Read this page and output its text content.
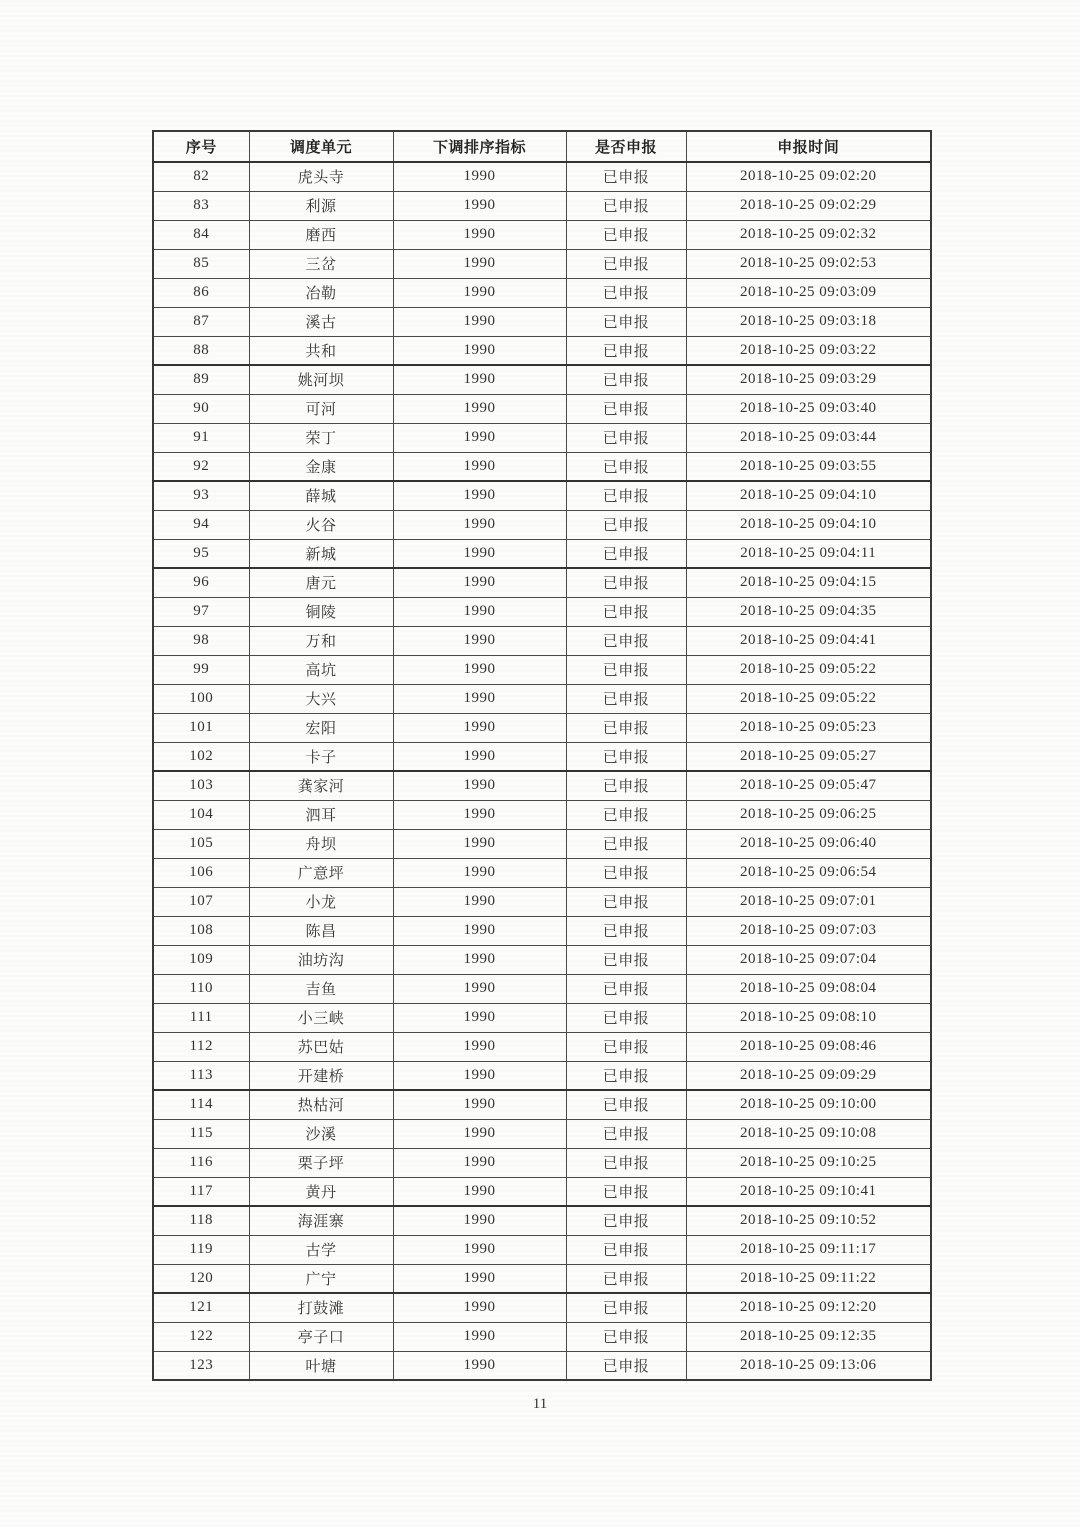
序号	调度单元	下调排序指标	是否申报	申报时间
82	虎头寺	1990	已申报	2018-10-25 09:02:20
83	利源	1990	已申报	2018-10-25 09:02:29
84	磨西	1990	已申报	2018-10-25 09:02:32
85	三岔	1990	已申报	2018-10-25 09:02:53
86	冶勒	1990	已申报	2018-10-25 09:03:09
87	溪古	1990	已申报	2018-10-25 09:03:18
88	共和	1990	已申报	2018-10-25 09:03:22
89	姚河坝	1990	已申报	2018-10-25 09:03:29
90	可河	1990	已申报	2018-10-25 09:03:40
91	荣丁	1990	已申报	2018-10-25 09:03:44
92	金康	1990	已申报	2018-10-25 09:03:55
93	薛城	1990	已申报	2018-10-25 09:04:10
94	火谷	1990	已申报	2018-10-25 09:04:10
95	新城	1990	已申报	2018-10-25 09:04:11
96	唐元	1990	已申报	2018-10-25 09:04:15
97	铜陵	1990	已申报	2018-10-25 09:04:35
98	万和	1990	已申报	2018-10-25 09:04:41
99	高坑	1990	已申报	2018-10-25 09:05:22
100	大兴	1990	已申报	2018-10-25 09:05:22
101	宏阳	1990	已申报	2018-10-25 09:05:23
102	卡子	1990	已申报	2018-10-25 09:05:27
103	龚家河	1990	已申报	2018-10-25 09:05:47
104	泗耳	1990	已申报	2018-10-25 09:06:25
105	舟坝	1990	已申报	2018-10-25 09:06:40
106	广意坪	1990	已申报	2018-10-25 09:06:54
107	小龙	1990	已申报	2018-10-25 09:07:01
108	陈昌	1990	已申报	2018-10-25 09:07:03
109	油坊沟	1990	已申报	2018-10-25 09:07:04
110	吉鱼	1990	已申报	2018-10-25 09:08:04
111	小三峡	1990	已申报	2018-10-25 09:08:10
112	苏巴姑	1990	已申报	2018-10-25 09:08:46
113	开建桥	1990	已申报	2018-10-25 09:09:29
114	热枯河	1990	已申报	2018-10-25 09:10:00
115	沙溪	1990	已申报	2018-10-25 09:10:08
116	栗子坪	1990	已申报	2018-10-25 09:10:25
117	黄丹	1990	已申报	2018-10-25 09:10:41
118	海涯寨	1990	已申报	2018-10-25 09:10:52
119	古学	1990	已申报	2018-10-25 09:11:17
120	广宁	1990	已申报	2018-10-25 09:11:22
121	打鼓滩	1990	已申报	2018-10-25 09:12:20
122	亭子口	1990	已申报	2018-10-25 09:12:35
123	叶塘	1990	已申报	2018-10-25 09:13:06
11
